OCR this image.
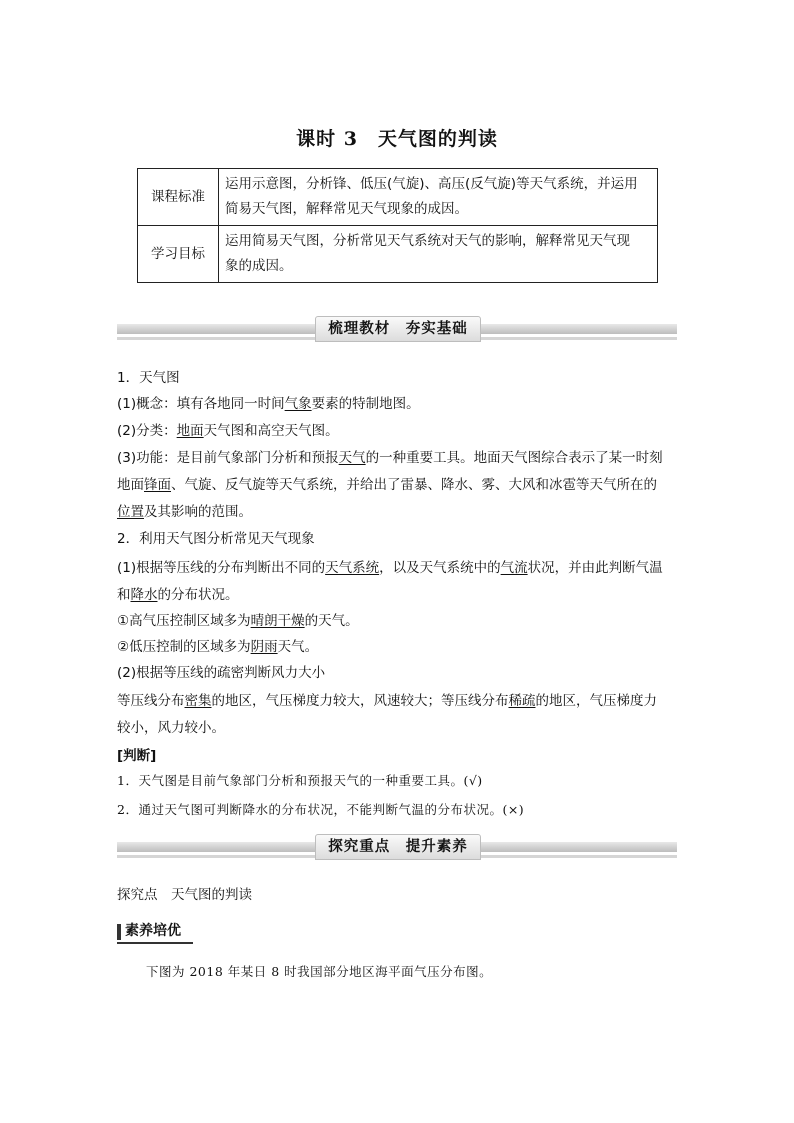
课时 3　天气图的判读
课程标准	运用示意图，分析锋、低压(气旋)、高压(反气旋)等天气系统，并运用
简易天气图，解释常见天气现象的成因。
学习目标	运用简易天气图，分析常见天气系统对天气的影响，解释常见天气现
象的成因。
梳理教材　夯实基础
1．天气图
(1)概念：填有各地同一时间气象要素的特制地图。
(2)分类：地面天气图和高空天气图。
(3)功能：是目前气象部门分析和预报天气的一种重要工具。地面天气图综合表示了某一时刻
地面锋面、气旋、反气旋等天气系统，并给出了雷暴、降水、雾、大风和冰雹等天气所在的
位置及其影响的范围。
2．利用天气图分析常见天气现象
(1)根据等压线的分布判断出不同的天气系统，以及天气系统中的气流状况，并由此判断气温
和降水的分布状况。
①高气压控制区域多为晴朗干燥的天气。
②低压控制的区域多为阴雨天气。
(2)根据等压线的疏密判断风力大小
等压线分布密集的地区，气压梯度力较大，风速较大；等压线分布稀疏的地区，气压梯度力
较小，风力较小。
[判断]
1．天气图是目前气象部门分析和预报天气的一种重要工具。(√)
2．通过天气图可判断降水的分布状况，不能判断气温的分布状况。(×)
探究重点　提升素养
探究点　天气图的判读
素养培优
下图为 2018 年某日 8 时我国部分地区海平面气压分布图。
